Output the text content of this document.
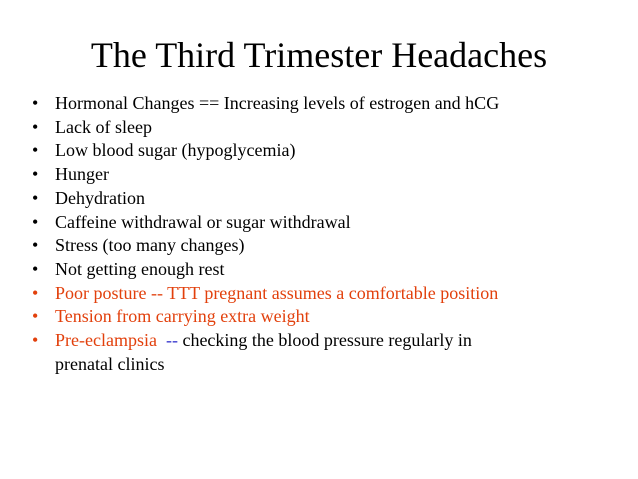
The Third Trimester Headaches
• Hormonal Changes == Increasing levels of estrogen and hCG
• Lack of sleep
• Low blood sugar (hypoglycemia)
• Hunger
• Dehydration
• Caffeine withdrawal or sugar withdrawal
• Stress (too many changes)
• Not getting enough rest
• Poor posture -- TTT pregnant assumes a comfortable position
• Tension from carrying extra weight
• Pre-eclampsia -- checking the blood pressure regularly in
prenatal clinics
